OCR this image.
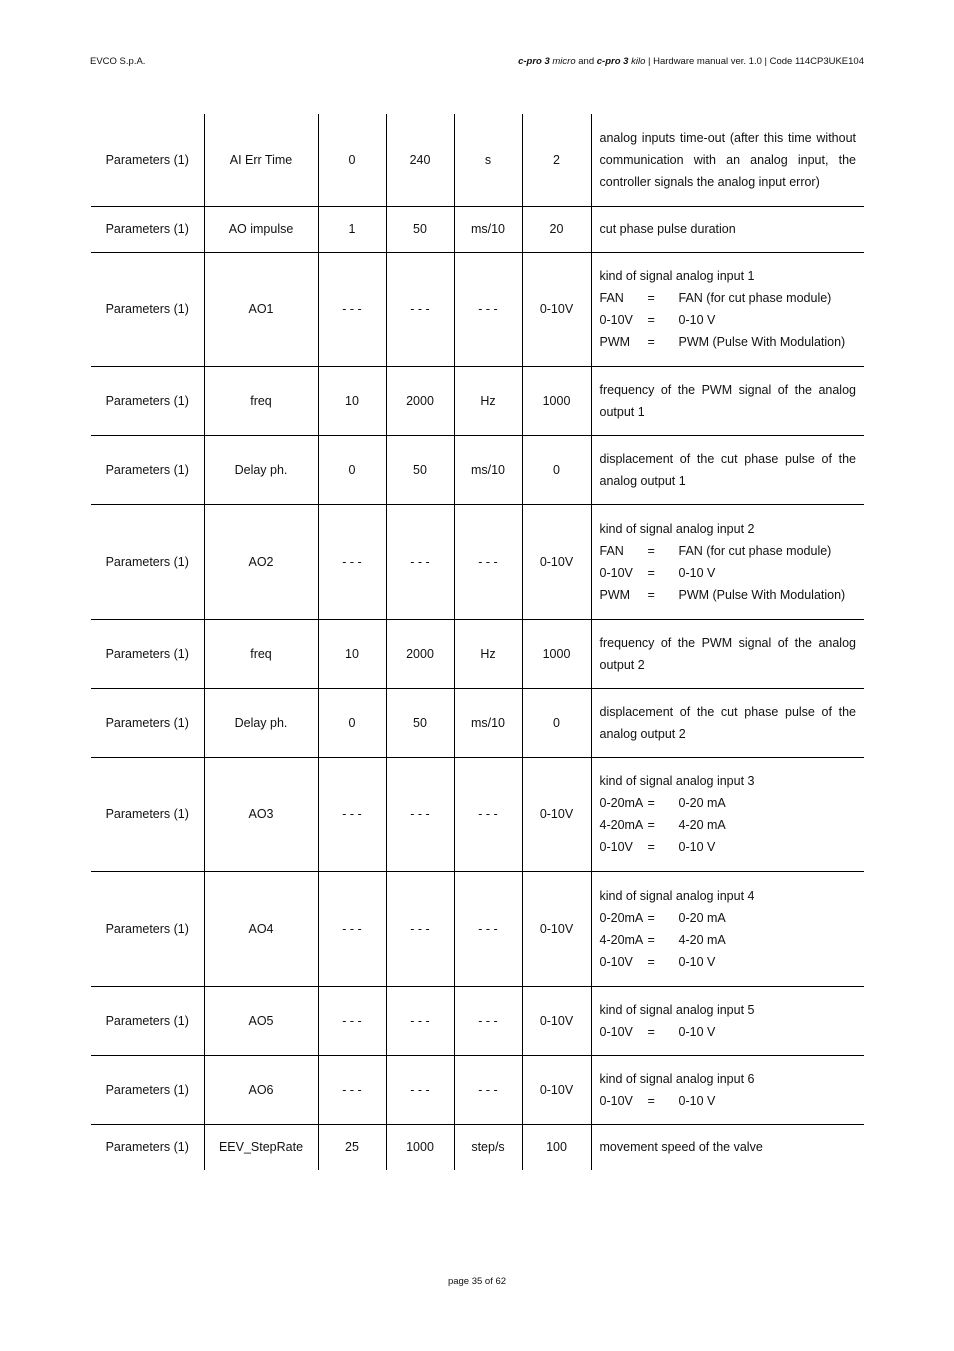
EVCO S.p.A.	c-pro 3 micro and c-pro 3 kilo | Hardware manual ver. 1.0 | Code 114CP3UKE104
Parameters (1)	AI Err Time	0	240	s	2	analog inputs time-out (after this time without communication with an analog input, the controller signals the analog input error)

Parameters (1)	AO impulse	1	50	ms/10	20	cut phase pulse duration

Parameters (1)	AO1	- - -	- - -	- - -	0-10V	kind of signal analog input 1
FAN = FAN (for cut phase module)
0-10V = 0-10 V
PWM = PWM (Pulse With Modulation)

Parameters (1)	freq	10	2000	Hz	1000	frequency of the PWM signal of the analog output 1

Parameters (1)	Delay ph.	0	50	ms/10	0	displacement of the cut phase pulse of the analog output 1

Parameters (1)	AO2	- - -	- - -	- - -	0-10V	kind of signal analog input 2
FAN = FAN (for cut phase module)
0-10V = 0-10 V
PWM = PWM (Pulse With Modulation)

Parameters (1)	freq	10	2000	Hz	1000	frequency of the PWM signal of the analog output 2

Parameters (1)	Delay ph.	0	50	ms/10	0	displacement of the cut phase pulse of the analog output 2

Parameters (1)	AO3	- - -	- - -	- - -	0-10V	kind of signal analog input 3
0-20mA = 0-20 mA
4-20mA = 4-20 mA
0-10V = 0-10 V

Parameters (1)	AO4	- - -	- - -	- - -	0-10V	kind of signal analog input 4
0-20mA = 0-20 mA
4-20mA = 4-20 mA
0-10V = 0-10 V

Parameters (1)	AO5	- - -	- - -	- - -	0-10V	kind of signal analog input 5
0-10V = 0-10 V

Parameters (1)	AO6	- - -	- - -	- - -	0-10V	kind of signal analog input 6
0-10V = 0-10 V

Parameters (1)	EEV_StepRate	25	1000	step/s	100	movement speed of the valve
page 35 of 62
